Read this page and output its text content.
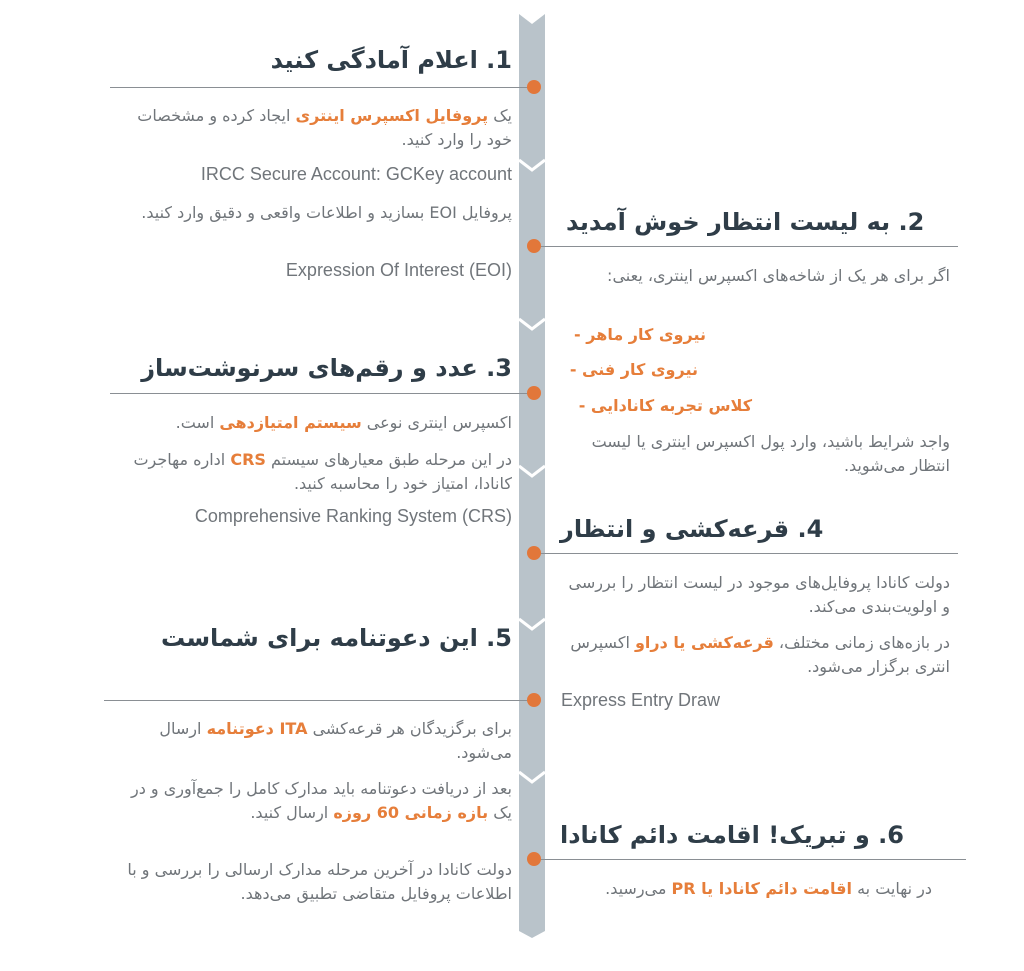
1. اعلام آمادگی کنید
یک پروفایل اکسپرس اینتری ایجاد کرده و مشخصات خود را وارد کنید.
IRCC Secure Account: GCKey account
پروفایل EOI بسازید و اطلاعات واقعی و دقیق وارد کنید.
Expression Of Interest (EOI)
2. به لیست انتظار خوش آمدید
اگر برای هر یک از شاخه‌های اکسپرس اینتری، یعنی:
نیروی کار ماهر -
نیروی کار فنی -
کلاس تجربه کانادایی -
واجد شرایط باشید، وارد پول اکسپرس اینتری یا لیست انتظار می‌شوید.
3. عدد و رقم‌های سرنوشت‌ساز
اکسپرس اینتری نوعی سیستم امتیازدهی است.
در این مرحله طبق معیارهای سیستم CRS اداره مهاجرت کانادا، امتیاز خود را محاسبه کنید.
Comprehensive Ranking System (CRS) 4. قرعه‌کشی و انتظار
دولت کانادا پروفایل‌های موجود در لیست انتظار را بررسی و اولویت‌بندی می‌کند.
در بازه‌های زمانی مختلف، قرعه‌کشی یا دراو اکسپرس انتری برگزار می‌شود.
Express Entry Draw
5. این دعوتنامه برای شماست
برای برگزیدگان هر قرعه‌کشی ITA دعوتنامه ارسال می‌شود.
بعد از دریافت دعوتنامه باید مدارک کامل را جمع‌آوری و در یک بازه زمانی 60 روزه ارسال کنید.
دولت کانادا در آخرین مرحله مدارک ارسالی را بررسی و با اطلاعات پروفایل متقاضی تطبیق می‌دهد.
6. و تبریک! اقامت دائم کانادا
در نهایت به اقامت دائم کانادا یا PR می‌رسید.
